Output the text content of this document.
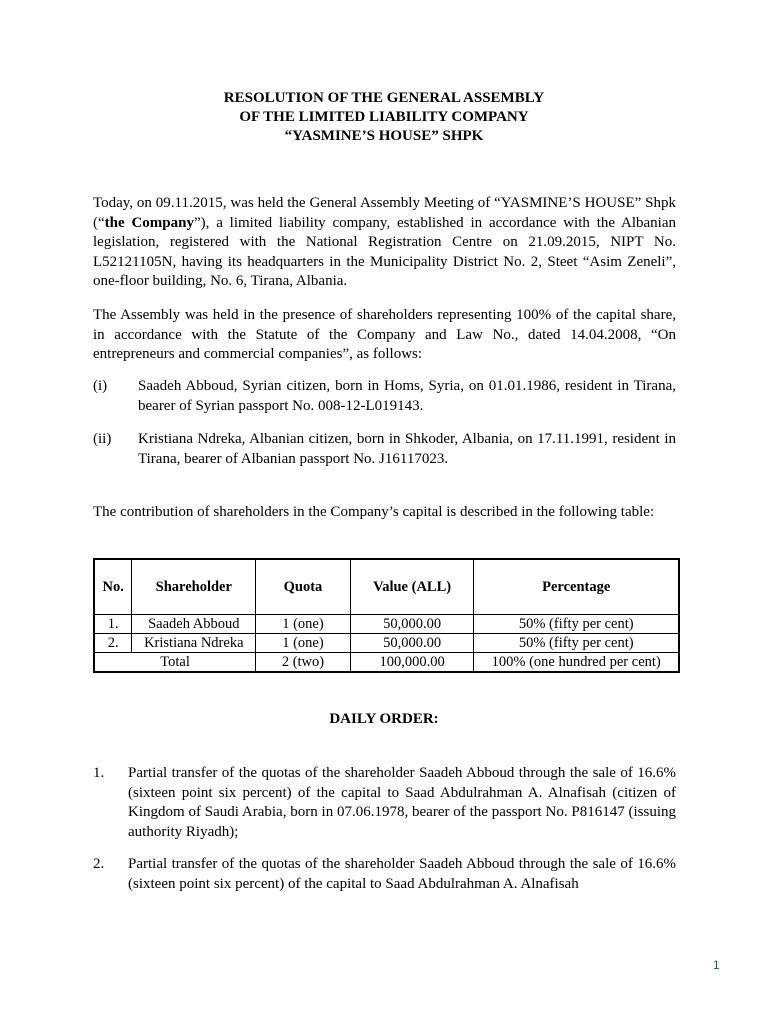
RESOLUTION OF THE GENERAL ASSEMBLY
OF THE LIMITED LIABILITY COMPANY
“YASMINE’S HOUSE” SHPK

Today, on 09.11.2015, was held the General Assembly Meeting of “YASMINE’S HOUSE” Shpk (“the Company”), a limited liability company, established in accordance with the Albanian legislation, registered with the National Registration Centre on 21.09.2015, NIPT No. L52121105N, having its headquarters in the Municipality District No. 2, Steet “Asim Zeneli”, one-floor building, No. 6, Tirana, Albania.

The Assembly was held in the presence of shareholders representing 100% of the capital share, in accordance with the Statute of the Company and Law No., dated 14.04.2008, “On entrepreneurs and commercial companies”, as follows:

(i) Saadeh Abboud, Syrian citizen, born in Homs, Syria, on 01.01.1986, resident in Tirana, bearer of Syrian passport No. 008-12-L019143.
(ii) Kristiana Ndreka, Albanian citizen, born in Shkoder, Albania, on 17.11.1991, resident in Tirana, bearer of Albanian passport No. J16117023.

The contribution of shareholders in the Company’s capital is described in the following table:

No.	Shareholder	Quota	Value (ALL)	Percentage
1.	Saadeh Abboud	1 (one)	50,000.00	50% (fifty per cent)
2.	Kristiana Ndreka	1 (one)	50,000.00	50% (fifty per cent)
Total		2 (two)	100,000.00	100% (one hundred per cent)
DAILY ORDER:
1. Partial transfer of the quotas of the shareholder Saadeh Abboud through the sale of 16.6% (sixteen point six percent) of the capital to Saad Abdulrahman A. Alnafisah (citizen of Kingdom of Saudi Arabia, born in 07.06.1978, bearer of the passport No. P816147 (issuing authority Riyadh);
2. Partial transfer of the quotas of the shareholder Saadeh Abboud through the sale of 16.6% (sixteen point six percent) of the capital to Saad Abdulrahman A. Alnafisah
1
